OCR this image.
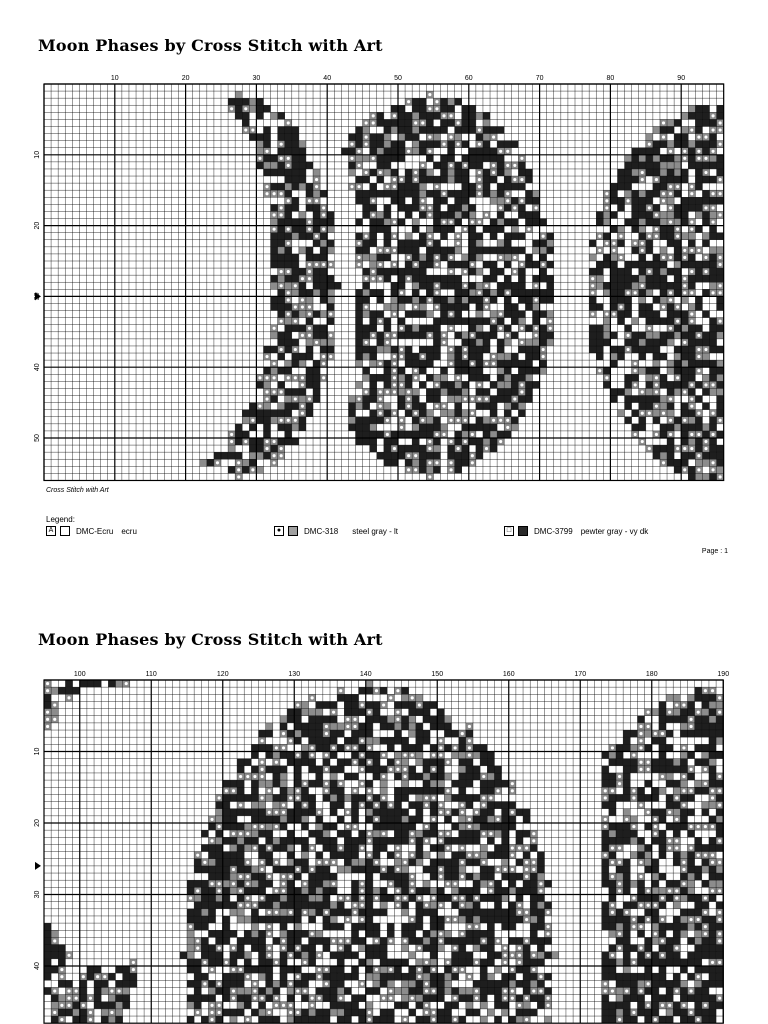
Moon Phases by Cross Stitch with Art
10	20	30	40	50	60	70	80	90
10
20
40
50
Cross Stitch with Art
Legend:
A	DMC-Ecru ecru	●	DMC-318 steel gray - lt	□	DMC-3799 pewter gray - vy dk
Page : 1
Moon Phases by Cross Stitch with Art
100	110	120	130	140	150	160	170	180	190
10
20
30
40
